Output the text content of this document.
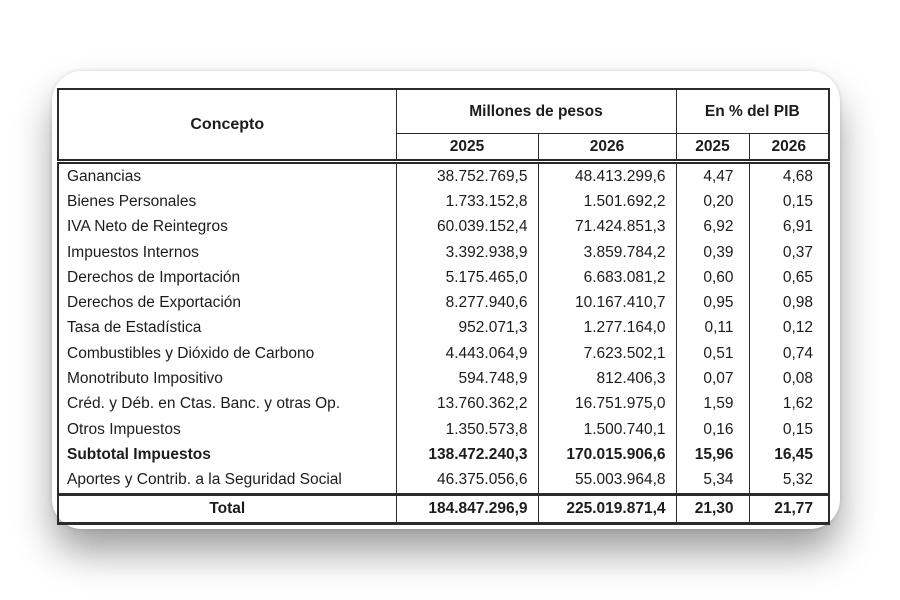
Concepto	Millones de pesos		En % del PIB	
	2025	2026	2025	2026
Ganancias	38.752.769,5	48.413.299,6	4,47	4,68
Bienes Personales	1.733.152,8	1.501.692,2	0,20	0,15
IVA Neto de Reintegros	60.039.152,4	71.424.851,3	6,92	6,91
Impuestos Internos	3.392.938,9	3.859.784,2	0,39	0,37
Derechos de Importación	5.175.465,0	6.683.081,2	0,60	0,65
Derechos de Exportación	8.277.940,6	10.167.410,7	0,95	0,98
Tasa de Estadística	952.071,3	1.277.164,0	0,11	0,12
Combustibles y Dióxido de Carbono	4.443.064,9	7.623.502,1	0,51	0,74
Monotributo Impositivo	594.748,9	812.406,3	0,07	0,08
Créd. y Déb. en Ctas. Banc. y otras Op.	13.760.362,2	16.751.975,0	1,59	1,62
Otros Impuestos	1.350.573,8	1.500.740,1	0,16	0,15
Subtotal Impuestos	138.472.240,3	170.015.906,6	15,96	16,45
Aportes y Contrib. a la Seguridad Social	46.375.056,6	55.003.964,8	5,34	5,32
Total	184.847.296,9	225.019.871,4	21,30	21,77
